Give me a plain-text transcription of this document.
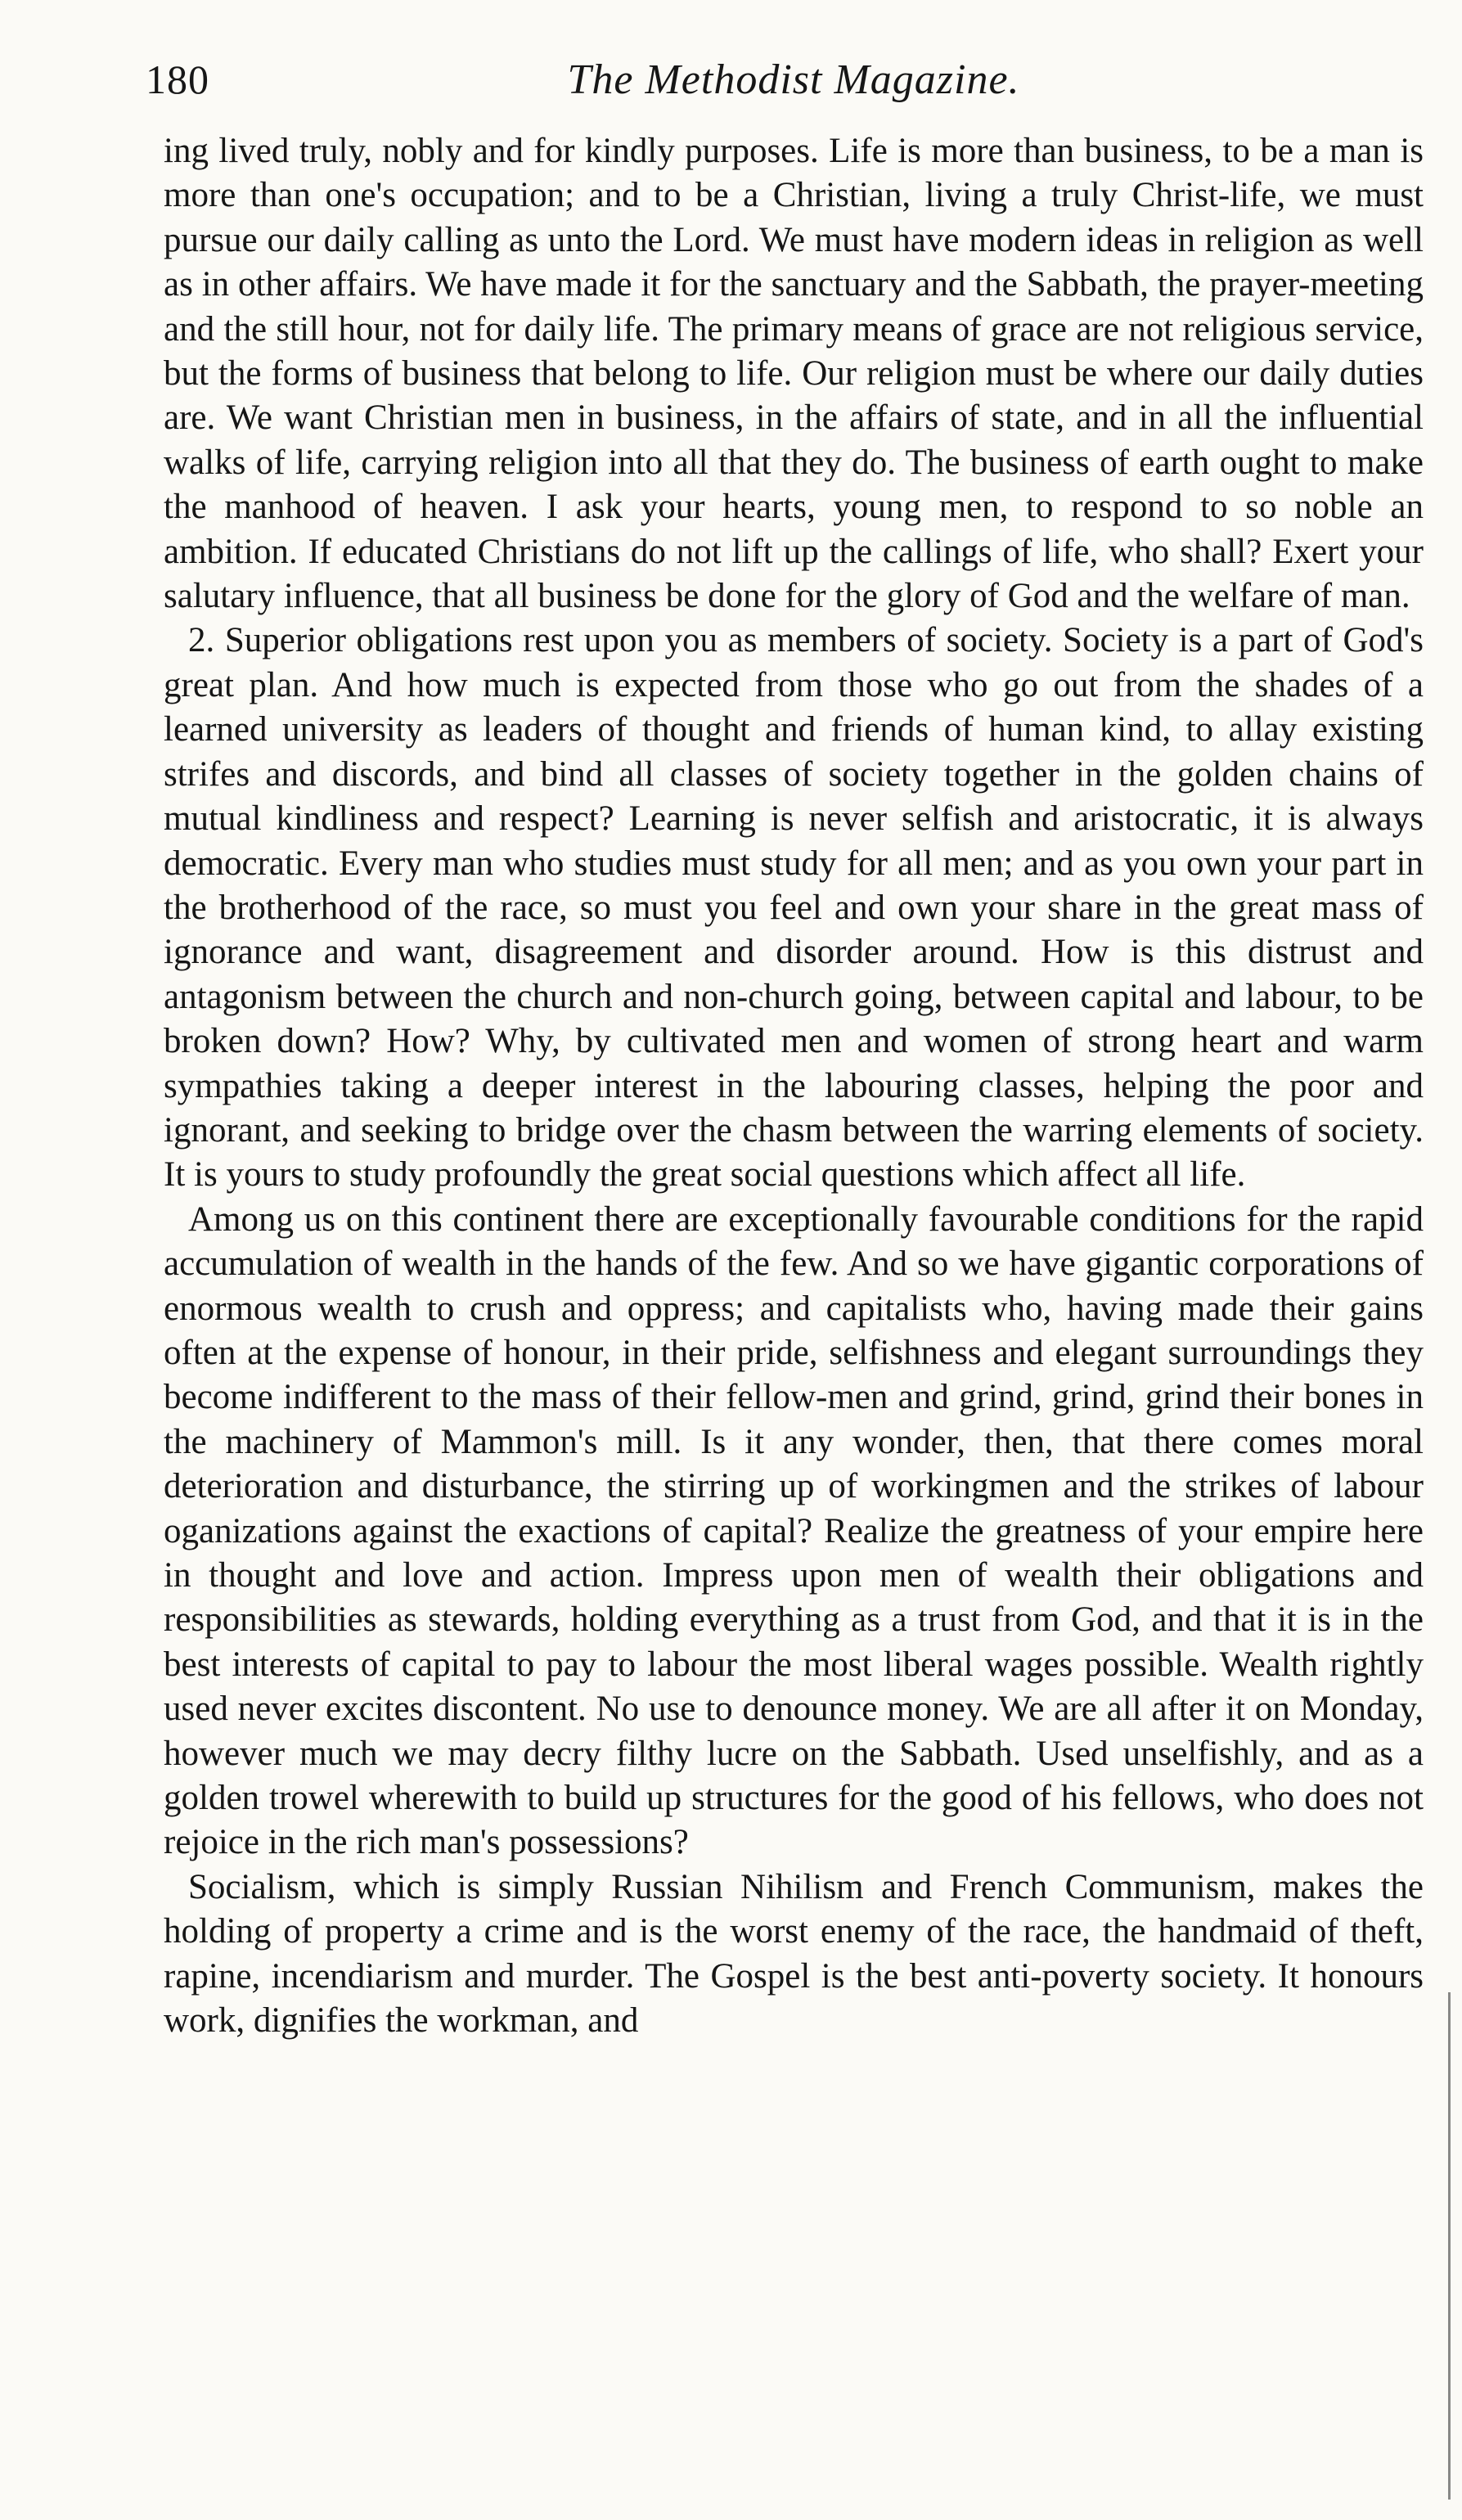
180	The Methodist Magazine.

ing lived truly, nobly and for kindly purposes. Life is more than business, to be a man is more than one's occupation; and to be a Christian, living a truly Christ-life, we must pursue our daily calling as unto the Lord. We must have modern ideas in religion as well as in other affairs. We have made it for the sanctuary and the Sabbath, the prayer-meeting and the still hour, not for daily life. The primary means of grace are not religious service, but the forms of business that belong to life. Our religion must be where our daily duties are. We want Christian men in business, in the affairs of state, and in all the influential walks of life, carrying religion into all that they do. The business of earth ought to make the manhood of heaven. I ask your hearts, young men, to respond to so noble an ambition. If educated Christians do not lift up the callings of life, who shall? Exert your salutary influence, that all business be done for the glory of God and the welfare of man.

2. Superior obligations rest upon you as members of society. Society is a part of God's great plan. And how much is expected from those who go out from the shades of a learned university as leaders of thought and friends of human kind, to allay existing strifes and discords, and bind all classes of society together in the golden chains of mutual kindliness and respect? Learning is never selfish and aristocratic, it is always democratic. Every man who studies must study for all men; and as you own your part in the brotherhood of the race, so must you feel and own your share in the great mass of ignorance and want, disagreement and disorder around. How is this distrust and antagonism between the church and non-church going, between capital and labour, to be broken down? How? Why, by cultivated men and women of strong heart and warm sympathies taking a deeper interest in the labouring classes, helping the poor and ignorant, and seeking to bridge over the chasm between the warring elements of society. It is yours to study profoundly the great social questions which affect all life.

Among us on this continent there are exceptionally favourable conditions for the rapid accumulation of wealth in the hands of the few. And so we have gigantic corporations of enormous wealth to crush and oppress; and capitalists who, having made their gains often at the expense of honour, in their pride, selfishness and elegant surroundings they become indifferent to the mass of their fellow-men and grind, grind, grind their bones in the machinery of Mammon's mill. Is it any wonder, then, that there comes moral deterioration and disturbance, the stirring up of workingmen and the strikes of labour oganizations against the exactions of capital? Realize the greatness of your empire here in thought and love and action. Impress upon men of wealth their obligations and responsibilities as stewards, holding everything as a trust from God, and that it is in the best interests of capital to pay to labour the most liberal wages possible. Wealth rightly used never excites discontent. No use to denounce money. We are all after it on Monday, however much we may decry filthy lucre on the Sabbath. Used unselfishly, and as a golden trowel wherewith to build up structures for the good of his fellows, who does not rejoice in the rich man's possessions?

Socialism, which is simply Russian Nihilism and French Communism, makes the holding of property a crime and is the worst enemy of the race, the handmaid of theft, rapine, incendiarism and murder. The Gospel is the best anti-poverty society. It honours work, dignifies the workman, and
